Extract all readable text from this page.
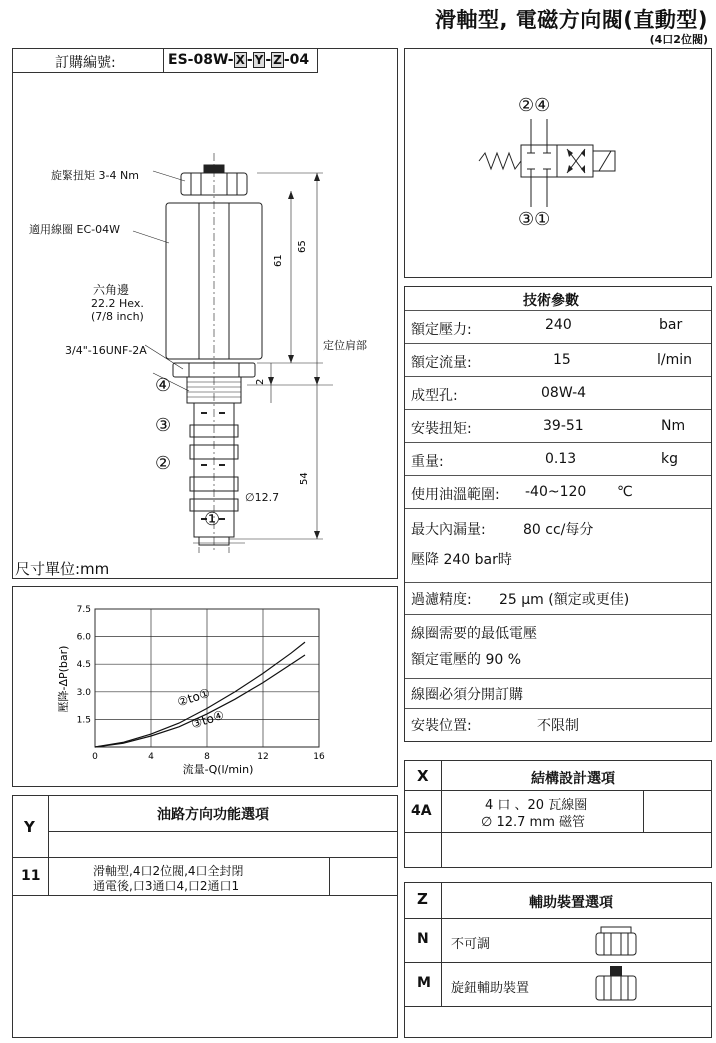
滑軸型, 電磁方向閥(直動型)
(4口2位閥)
訂購編號:	ES-08W- X - Y - Z -04
65
61
2
54
旋緊扭矩 3-4 Nm
適用線圈 EC-04W
六角邊
22.2 Hex.
(7/8 inch)
3/4"-16UNF-2A	定位肩部
④
③
②
∅12.7
①
尺寸單位:mm
②④
③①
技術參數
額定壓力:	240	bar
額定流量:	15	l/min
成型孔:	08W-4
安裝扭矩:	39-51	Nm
重量:	0.13	kg
使用油溫範圍: -40~120 ℃
最大內漏量:	80 cc/每分
壓降 240 bar時
過濾精度: 25 µm (額定或更佳)
線圈需要的最低電壓
額定電壓的 90 %
線圈必須分開訂購
安裝位置:	不限制
②to①
③to④
0	4	8	12	16
1.5
3.0
4.5
6.0
7.5
流量-Q(l/min)
壓降-ΔP(bar)
Y
油路方向功能選項
11	滑軸型,4口2位閥,4口全封閉
通電後,口3通口4,口2通口1
X	結構設計選項
4A	4 口 、20 瓦線圈
∅ 12.7 mm 磁管
Z	輔助裝置選項
N 不可調
M 旋鈕輔助裝置
